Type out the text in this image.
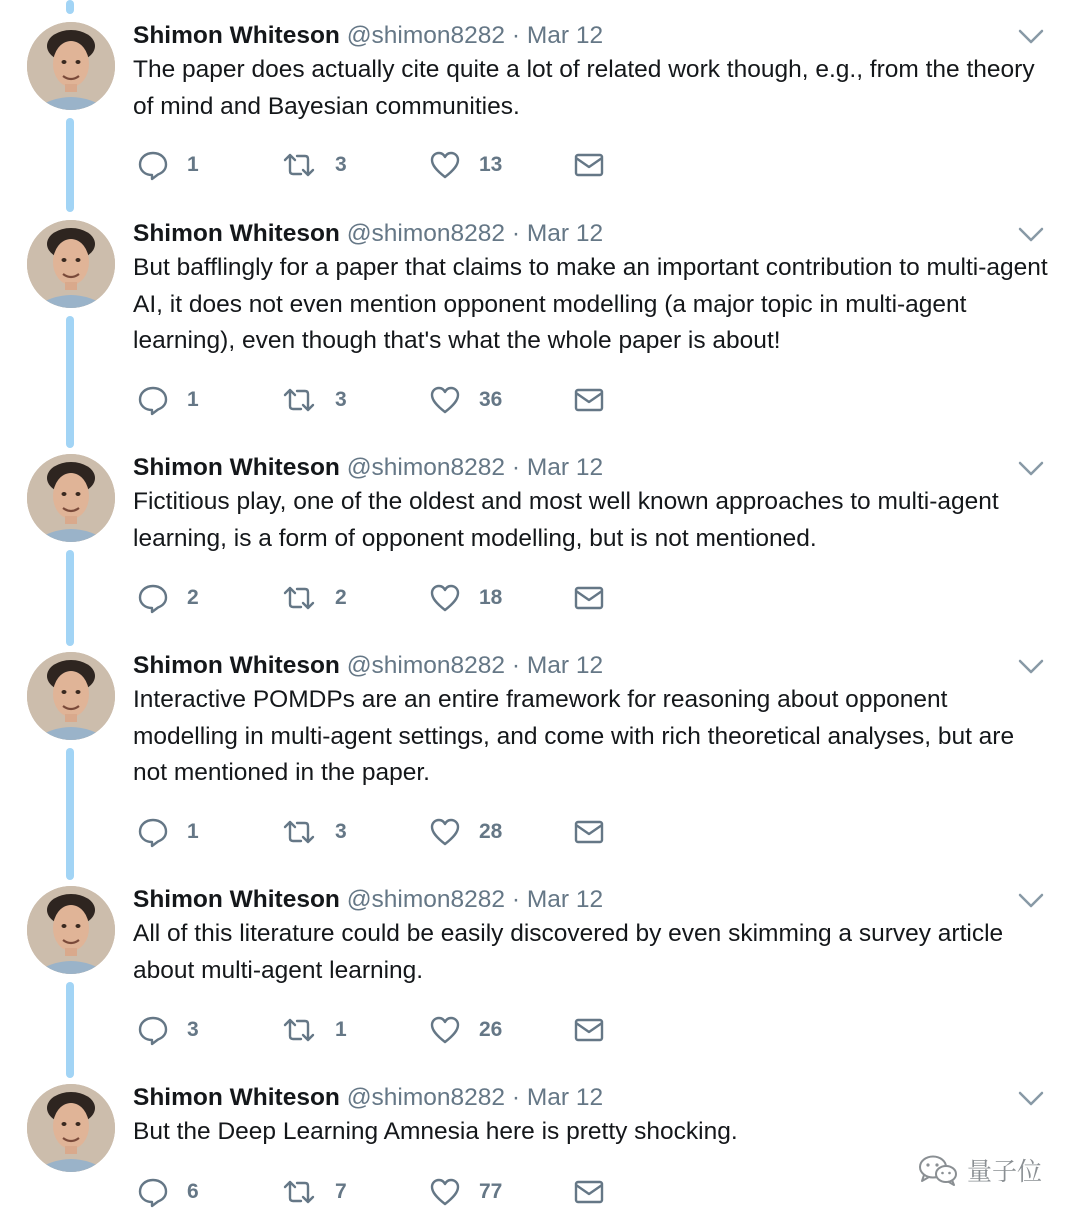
Shimon Whiteson @shimon8282 · Mar 12

The paper does actually cite quite a lot of related work though, e.g., from the theory of mind and Bayesian communities.

1	3	13
Shimon Whiteson @shimon8282 · Mar 12

But bafflingly for a paper that claims to make an important contribution to multi-agent AI, it does not even mention opponent modelling (a major topic in multi-agent learning), even though that's what the whole paper is about!

1	3	36
Shimon Whiteson @shimon8282 · Mar 12

Fictitious play, one of the oldest and most well known approaches to multi-agent learning, is a form of opponent modelling, but is not mentioned.

2	2	18
Shimon Whiteson @shimon8282 · Mar 12

Interactive POMDPs are an entire framework for reasoning about opponent modelling in multi-agent settings, and come with rich theoretical analyses, but are not mentioned in the paper.

1	3	28
Shimon Whiteson @shimon8282 · Mar 12

All of this literature could be easily discovered by even skimming a survey article about multi-agent learning.

3	1	26
Shimon Whiteson @shimon8282 · Mar 12

But the Deep Learning Amnesia here is pretty shocking.

6	7	77
量子位
